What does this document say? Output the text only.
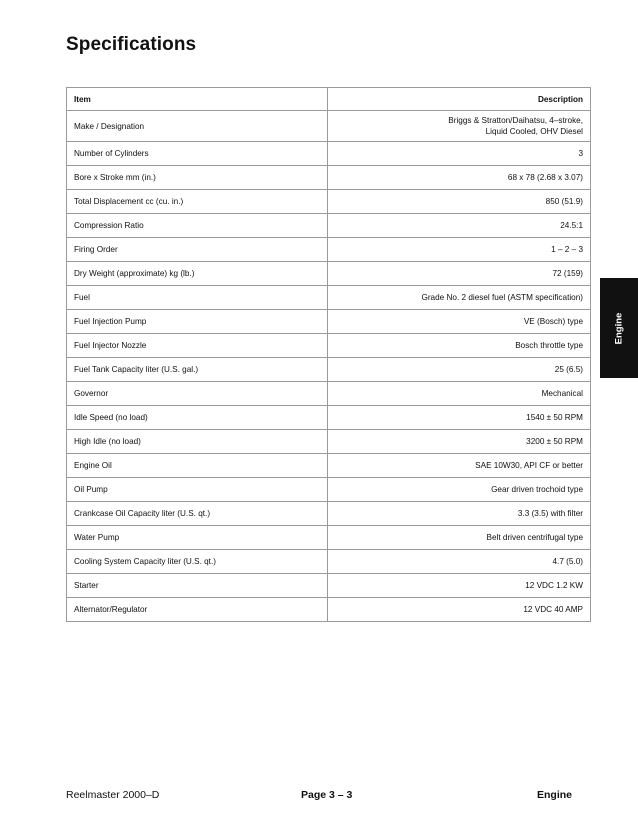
Specifications
Item	Description
Make / Designation	Briggs & Stratton/Daihatsu, 4–stroke,
Liquid Cooled, OHV Diesel

Number of Cylinders	3

Bore x Stroke mm (in.)	68 x 78 (2.68 x 3.07)

Total Displacement cc (cu. in.)	850 (51.9)

Compression Ratio	24.5:1

Firing Order	1 – 2 – 3

Dry Weight (approximate) kg (lb.)	72 (159)

Fuel	Grade No. 2 diesel fuel (ASTM specification)

Fuel Injection Pump	VE (Bosch) type

Fuel Injector Nozzle	Bosch throttle type

Fuel Tank Capacity liter (U.S. gal.)	25 (6.5)

Governor	Mechanical

Idle Speed (no load)	1540 ± 50 RPM

High Idle (no load)	3200 ± 50 RPM

Engine Oil	SAE 10W30, API CF or better

Oil Pump	Gear driven trochoid type

Crankcase Oil Capacity liter (U.S. qt.)	3.3 (3.5) with filter

Water Pump	Belt driven centrifugal type

Cooling System Capacity liter (U.S. qt.)	4.7 (5.0)

Starter	12 VDC 1.2 KW

Alternator/Regulator	12 VDC 40 AMP
Engine
Reelmaster 2000–D	Page 3 – 3	Engine
